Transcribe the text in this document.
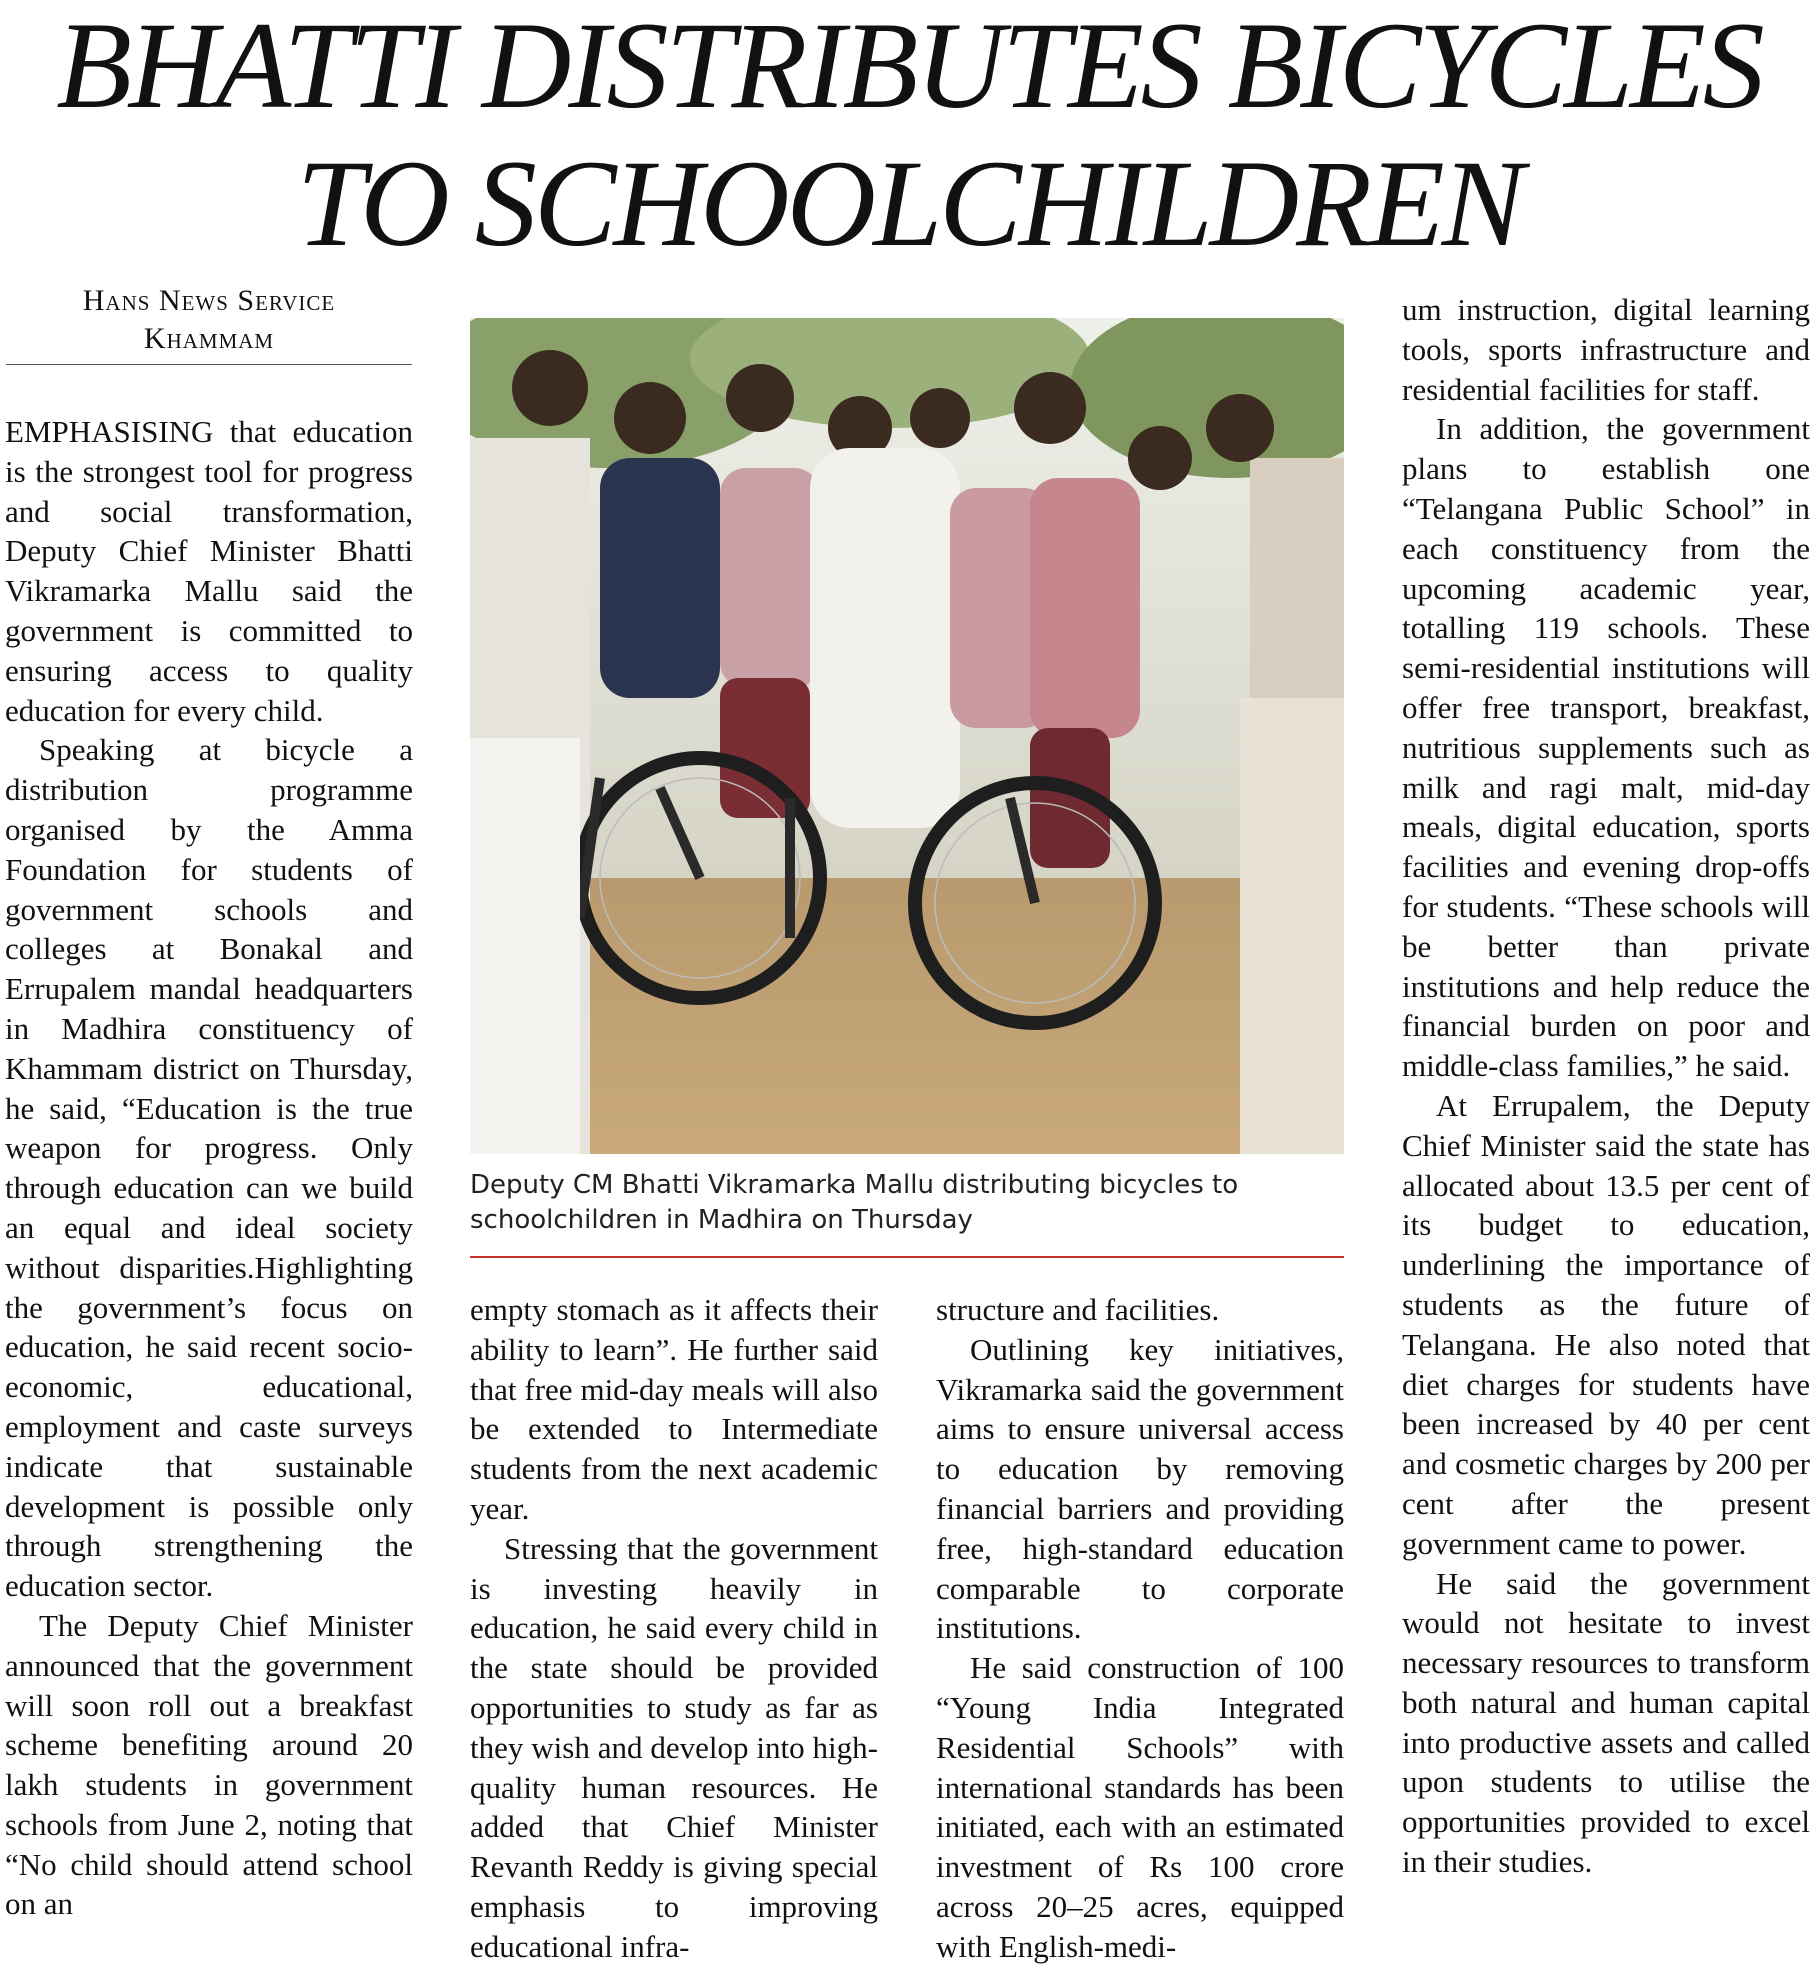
BHATTI DISTRIBUTES BICYCLES
TO SCHOOLCHILDREN
Hans News Service
Khammam

EMPHASISING that education is the strongest tool for progress and social transformation, Deputy Chief Minister Bhatti Vikramarka Mallu said the government is committed to ensuring access to quality education for every child.

Speaking at bicycle a distribution programme organised by the Amma Foundation for students of government schools and colleges at Bonakal and Errupalem mandal headquarters in Madhira constituency of Khammam district on Thursday, he said, “Education is the true weapon for progress. Only through education can we build an equal and ideal society without disparities.Highlighting the government’s focus on education, he said recent socio-economic, educational, employment and caste surveys indicate that sustainable development is possible only through strengthening the education sector.

The Deputy Chief Minister announced that the government will soon roll out a breakfast scheme benefiting around 20 lakh students in government schools from June 2, noting that “No child should attend school on an

Deputy CM Bhatti Vikramarka Mallu distributing bicycles to
schoolchildren in Madhira on Thursday

empty stomach as it affects their ability to learn”. He further said that free mid-day meals will also be extended to Intermediate students from the next academic year.

Stressing that the government is investing heavily in education, he said every child in the state should be provided opportunities to study as far as they wish and develop into high-quality human resources. He added that Chief Minister Revanth Reddy is giving special emphasis to improving educational infra-

structure and facilities.

Outlining key initiatives, Vikramarka said the government aims to ensure universal access to education by removing financial barriers and providing free, high-standard education comparable to corporate institutions.

He said construction of 100 “Young India Integrated Residential Schools” with international standards has been initiated, each with an estimated investment of Rs 100 crore across 20–25 acres, equipped with English-medi-

um instruction, digital learning tools, sports infrastructure and residential facilities for staff.

In addition, the government plans to establish one “Telangana Public School” in each constituency from the upcoming academic year, totalling 119 schools. These semi-residential institutions will offer free transport, breakfast, nutritious supplements such as milk and ragi malt, mid-day meals, digital education, sports facilities and evening drop-offs for students. “These schools will be better than private institutions and help reduce the financial burden on poor and middle-class families,” he said.

At Errupalem, the Deputy Chief Minister said the state has allocated about 13.5 per cent of its budget to education, underlining the importance of students as the future of Telangana. He also noted that diet charges for students have been increased by 40 per cent and cosmetic charges by 200 per cent after the present government came to power.

He said the government would not hesitate to invest necessary resources to transform both natural and human capital into productive assets and called upon students to utilise the opportunities provided to excel in their studies.
